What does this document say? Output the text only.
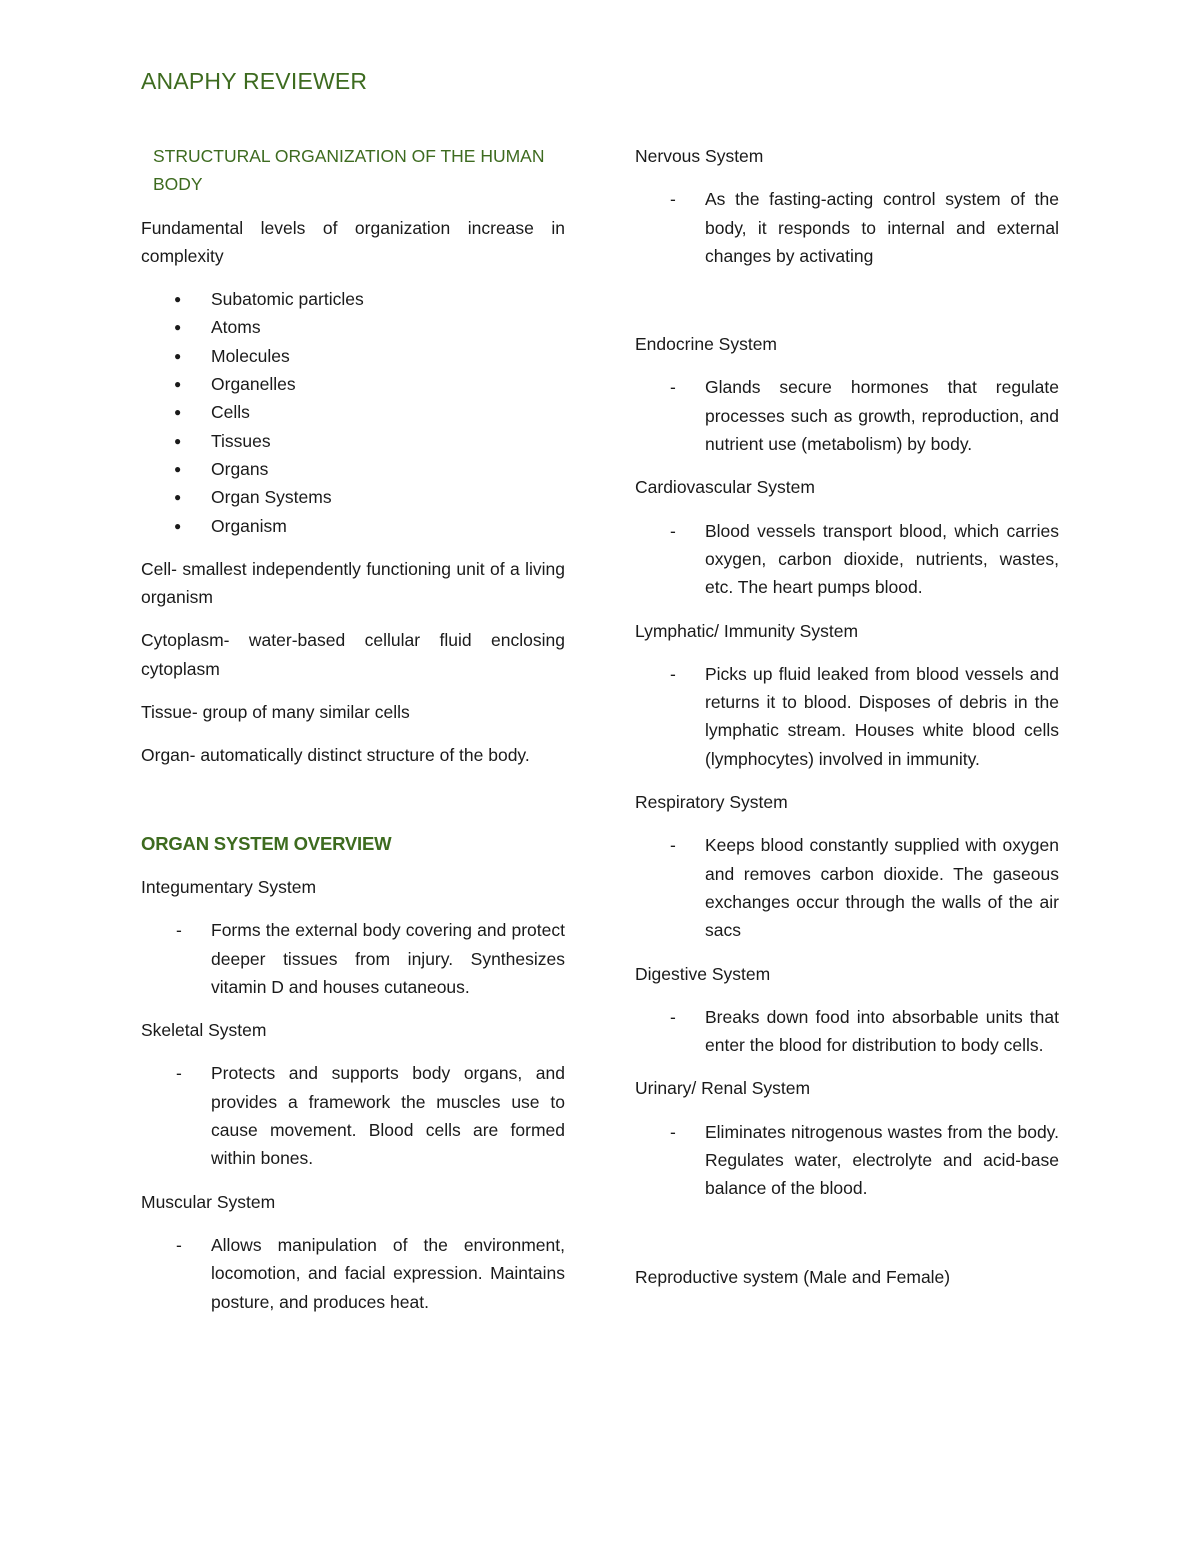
ANAPHY REVIEWER
STRUCTURAL ORGANIZATION OF THE HUMAN BODY
Fundamental levels of organization increase in complexity
● Subatomic particles
● Atoms
● Molecules
● Organelles
● Cells
● Tissues
● Organs
● Organ Systems
● Organism
Cell- smallest independently functioning unit of a living organism
Cytoplasm- water-based cellular fluid enclosing cytoplasm
Tissue- group of many similar cells
Organ- automatically distinct structure of the body.
ORGAN SYSTEM OVERVIEW
Integumentary System
- Forms the external body covering and protect deeper tissues from injury. Synthesizes vitamin D and houses cutaneous.
Skeletal System
- Protects and supports body organs, and provides a framework the muscles use to cause movement. Blood cells are formed within bones.
Muscular System
- Allows manipulation of the environment, locomotion, and facial expression. Maintains posture, and produces heat.
Nervous System
- As the fasting-acting control system of the body, it responds to internal and external changes by activating
Endocrine System
- Glands secure hormones that regulate processes such as growth, reproduction, and nutrient use (metabolism) by body.
Cardiovascular System
- Blood vessels transport blood, which carries oxygen, carbon dioxide, nutrients, wastes, etc. The heart pumps blood.
Lymphatic/ Immunity System
- Picks up fluid leaked from blood vessels and returns it to blood. Disposes of debris in the lymphatic stream. Houses white blood cells (lymphocytes) involved in immunity.
Respiratory System
- Keeps blood constantly supplied with oxygen and removes carbon dioxide. The gaseous exchanges occur through the walls of the air sacs
Digestive System
- Breaks down food into absorbable units that enter the blood for distribution to body cells.
Urinary/ Renal System
- Eliminates nitrogenous wastes from the body. Regulates water, electrolyte and acid-base balance of the blood.
Reproductive system (Male and Female)
